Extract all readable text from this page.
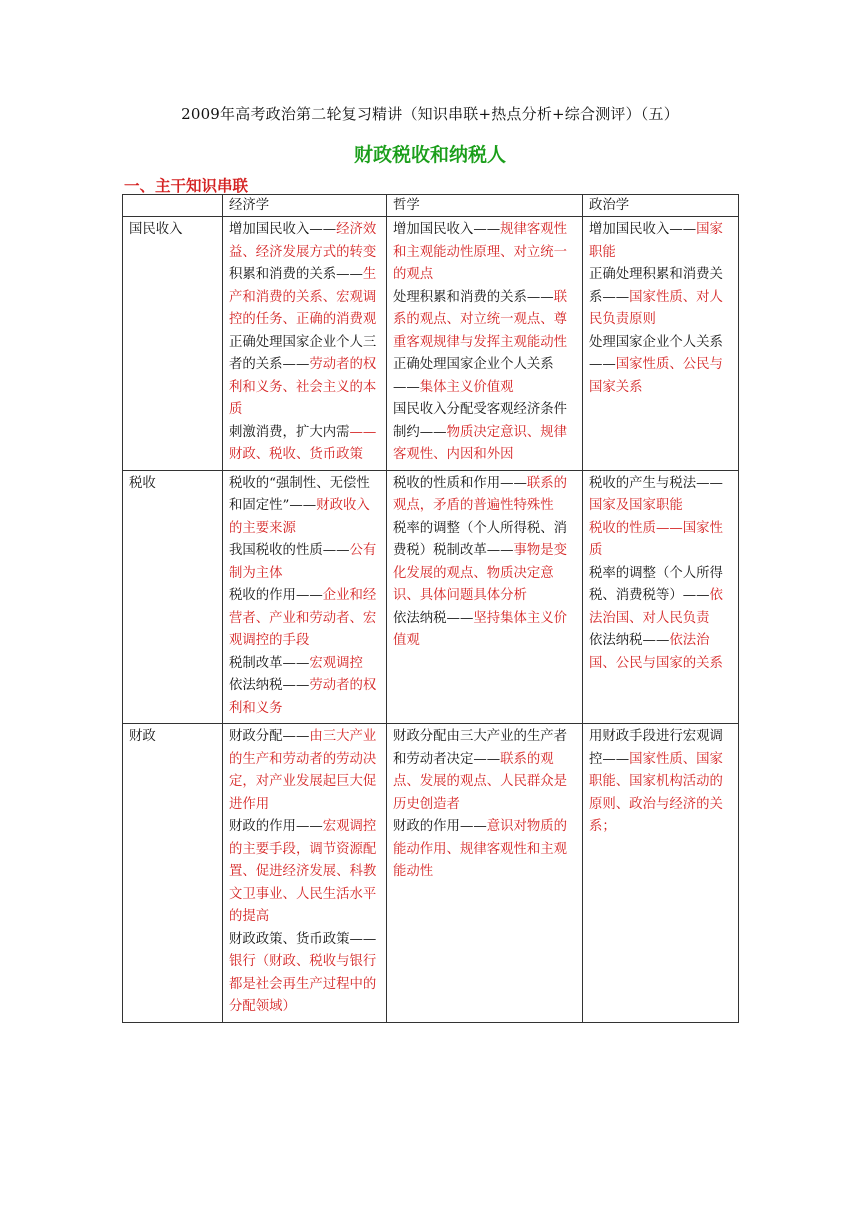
2009年高考政治第二轮复习精讲（知识串联+热点分析+综合测评）（五）
财政税收和纳税人
一、主干知识串联
	经济学	哲学	政治学
国民收入	增加国民收入——经济效益、经济发展方式的转变
积累和消费的关系——生产和消费的关系、宏观调控的任务、正确的消费观
正确处理国家企业个人三者的关系——劳动者的权利和义务、社会主义的本质
刺激消费，扩大内需——财政、税收、货币政策	增加国民收入——规律客观性和主观能动性原理、对立统一的观点
处理积累和消费的关系——联系的观点、对立统一观点、尊重客观规律与发挥主观能动性
正确处理国家企业个人关系——集体主义价值观
国民收入分配受客观经济条件制约——物质决定意识、规律客观性、内因和外因	增加国民收入——国家职能
正确处理积累和消费关系——国家性质、对人民负责原则
处理国家企业个人关系——国家性质、公民与国家关系

税收	税收的“强制性、无偿性和固定性”——财政收入的主要来源
我国税收的性质——公有制为主体
税收的作用——企业和经营者、产业和劳动者、宏观调控的手段
税制改革——宏观调控
依法纳税——劳动者的权利和义务	税收的性质和作用——联系的观点，矛盾的普遍性特殊性
税率的调整（个人所得税、消费税）税制改革——事物是变化发展的观点、物质决定意识、具体问题具体分析
依法纳税——坚持集体主义价值观	税收的产生与税法——国家及国家职能
税收的性质——国家性质
税率的调整（个人所得税、消费税等）——依法治国、对人民负责
依法纳税——依法治国、公民与国家的关系

财政	财政分配——由三大产业的生产和劳动者的劳动决定，对产业发展起巨大促进作用
财政的作用——宏观调控的主要手段，调节资源配置、促进经济发展、科教文卫事业、人民生活水平的提高
财政政策、货币政策——银行（财政、税收与银行都是社会再生产过程中的分配领域）	财政分配由三大产业的生产者和劳动者决定——联系的观点、发展的观点、人民群众是历史创造者
财政的作用——意识对物质的能动作用、规律客观性和主观能动性	用财政手段进行宏观调控——国家性质、国家职能、国家机构活动的原则、政治与经济的关系；
